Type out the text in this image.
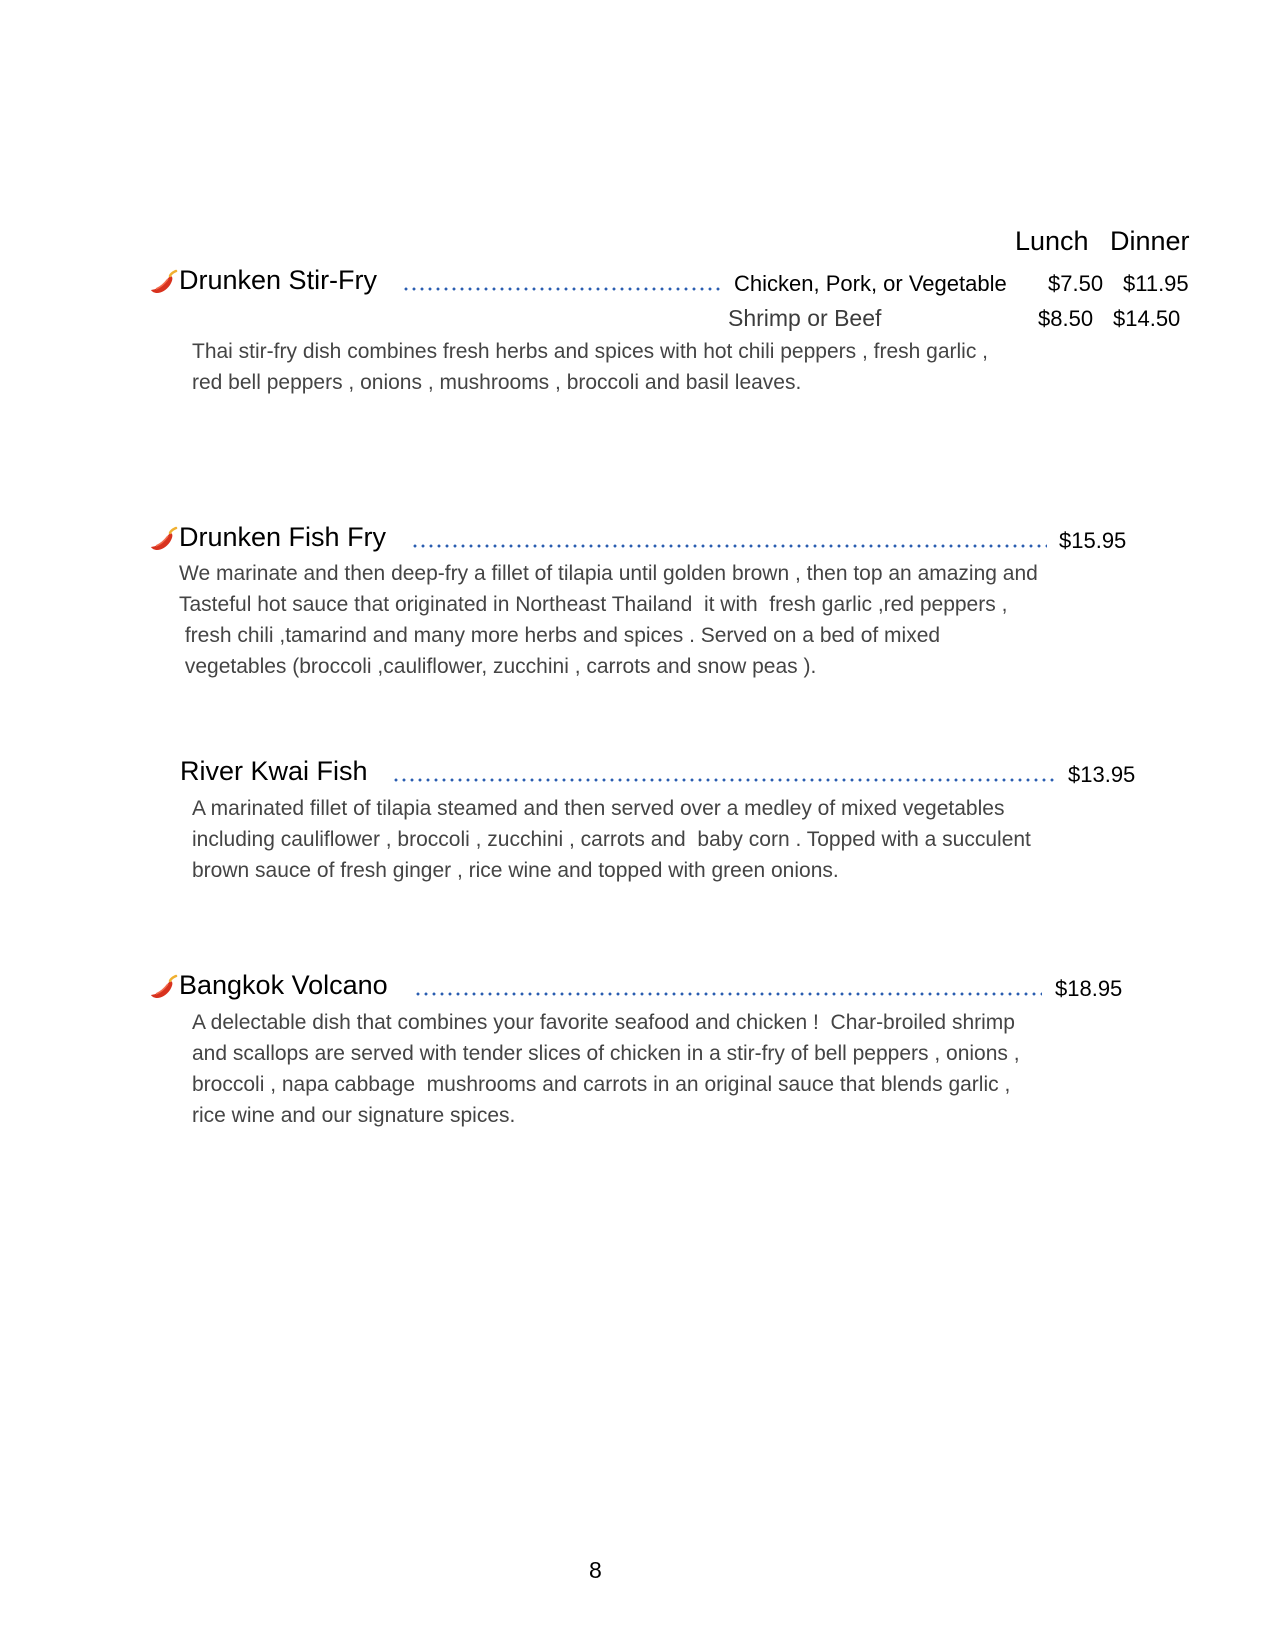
Lunch Dinner
Drunken Stir-Fry	Chicken, Pork, or Vegetable $7.50 $11.95
Shrimp or Beef	$8.50 $14.50
Thai stir-fry dish combines fresh herbs and spices with hot chili peppers , fresh garlic ,
red bell peppers , onions , mushrooms , broccoli and basil leaves.
Drunken Fish Fry	$15.95
We marinate and then deep-fry a fillet of tilapia until golden brown , then top an amazing and
Tasteful hot sauce that originated in Northeast Thailand  it with  fresh garlic ,red peppers ,
fresh chili ,tamarind and many more herbs and spices . Served on a bed of mixed
vegetables (broccoli ,cauliflower, zucchini , carrots and snow peas ).
River Kwai Fish	$13.95
A marinated fillet of tilapia steamed and then served over a medley of mixed vegetables
including cauliflower , broccoli , zucchini , carrots and  baby corn . Topped with a succulent
brown sauce of fresh ginger , rice wine and topped with green onions.
Bangkok Volcano	$18.95
A delectable dish that combines your favorite seafood and chicken !  Char-broiled shrimp
and scallops are served with tender slices of chicken in a stir-fry of bell peppers , onions ,
broccoli , napa cabbage  mushrooms and carrots in an original sauce that blends garlic ,
rice wine and our signature spices.
8
